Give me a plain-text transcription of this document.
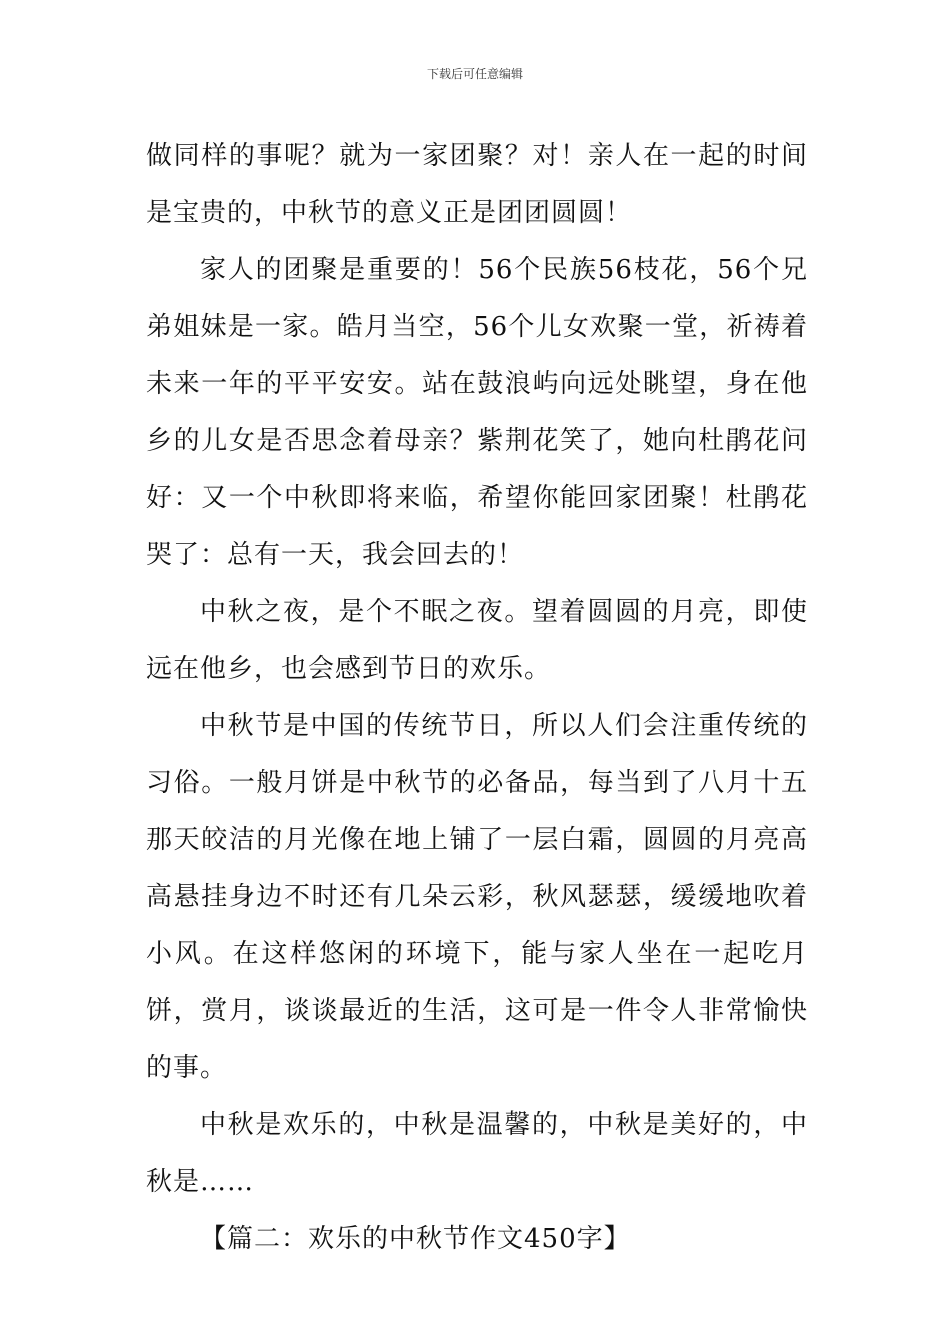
下载后可任意编辑

做同样的事呢？就为一家团聚？对！亲人在一起的时间是宝贵的，中秋节的意义正是团团圆圆！

家人的团聚是重要的！56个民族56枝花，56个兄弟姐妹是一家。皓月当空，56个儿女欢聚一堂，祈祷着未来一年的平平安安。站在鼓浪屿向远处眺望，身在他乡的儿女是否思念着母亲？紫荆花笑了，她向杜鹃花问好：又一个中秋即将来临，希望你能回家团聚！杜鹃花哭了：总有一天，我会回去的！

中秋之夜，是个不眠之夜。望着圆圆的月亮，即使远在他乡，也会感到节日的欢乐。

中秋节是中国的传统节日，所以人们会注重传统的习俗。一般月饼是中秋节的必备品，每当到了八月十五那天皎洁的月光像在地上铺了一层白霜，圆圆的月亮高高悬挂身边不时还有几朵云彩，秋风瑟瑟，缓缓地吹着小风。在这样悠闲的环境下，能与家人坐在一起吃月饼，赏月，谈谈最近的生活，这可是一件令人非常愉快的事。

中秋是欢乐的，中秋是温馨的，中秋是美好的，中秋是……

【篇二：欢乐的中秋节作文450字】
